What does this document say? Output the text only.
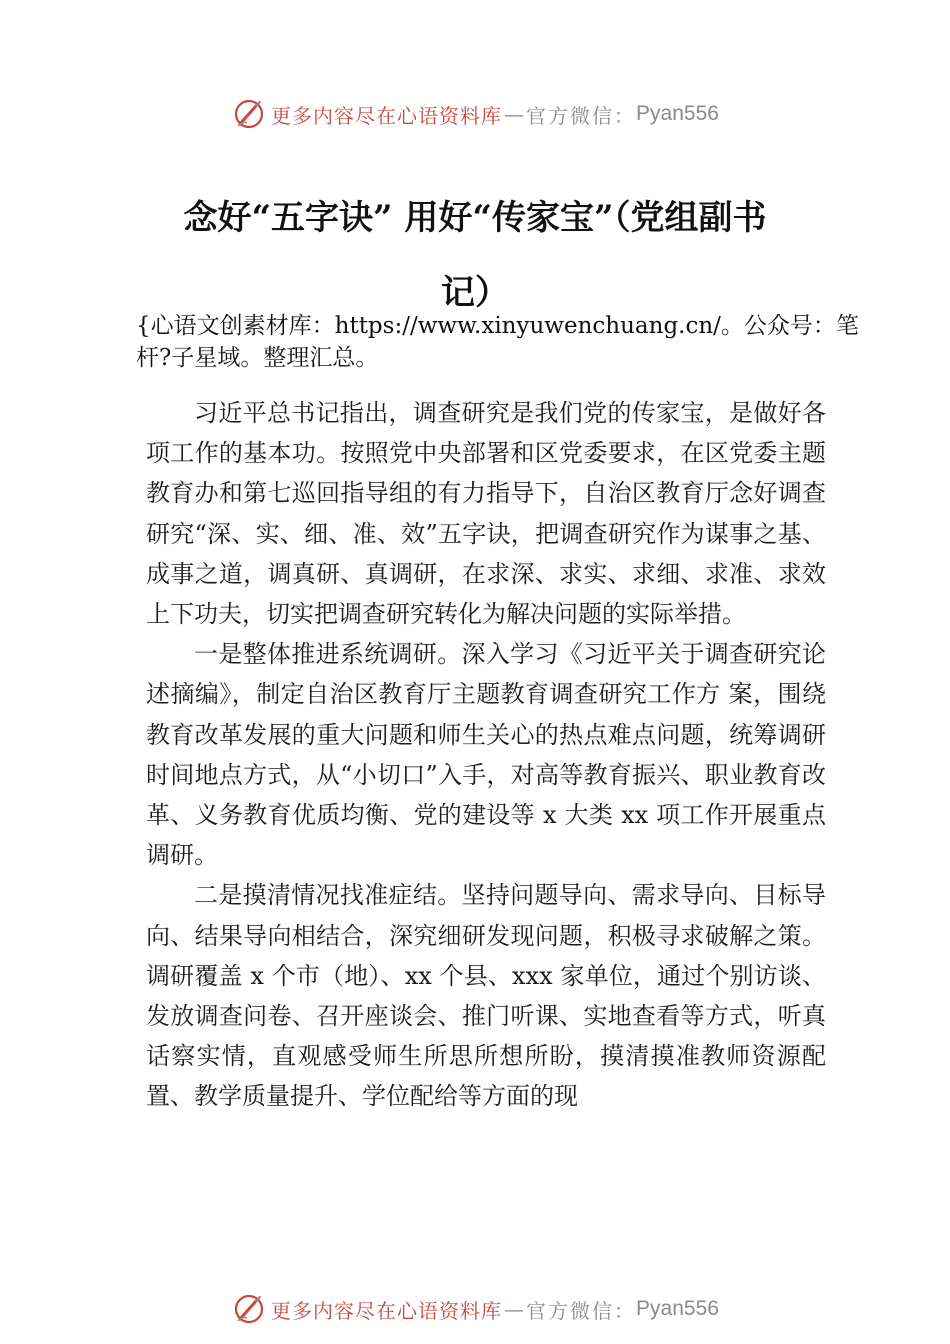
更多内容尽在心语资料库 — 官方微信： Pyan556
念好“五字诀” 用好“传家宝”（党组副书
记）

{心语文创素材库：https://www.xinyuwenchuang.cn/。公众号：笔杆?子星域。整理汇总。

习近平总书记指出，调查研究是我们党的传家宝，是做好各项工作的基本功。按照党中央部署和区党委要求，在区党委主题教育办和第七巡回指导组的有力指导下，自治区教育厅念好调查研究“深、实、细、准、效”五字诀，把调查研究作为谋事之基、成事之道，调真研、真调研，在求深、求实、求细、求准、求效上下功夫，切实把调查研究转化为解决问题的实际举措。

一是整体推进系统调研。深入学习《习近平关于调查研究论述摘编》，制定自治区教育厅主题教育调查研究工作方 案，围绕教育改革发展的重大问题和师生关心的热点难点问题，统筹调研时间地点方式，从“小切口”入手，对高等教育振兴、职业教育改革、义务教育优质均衡、党的建设等 x 大类 xx 项工作开展重点调研。

二是摸清情况找准症结。坚持问题导向、需求导向、目标导向、结果导向相结合，深究细研发现问题，积极寻求破解之策。调研覆盖 x 个市（地）、xx 个县、xxx 家单位，通过个别访谈、发放调查问卷、召开座谈会、推门听课、实地查看等方式，听真话察实情，直观感受师生所思所想所盼，摸清摸准教师资源配置、教学质量提升、学位配给等方面的现

更多内容尽在心语资料库 — 官方微信： Pyan556
